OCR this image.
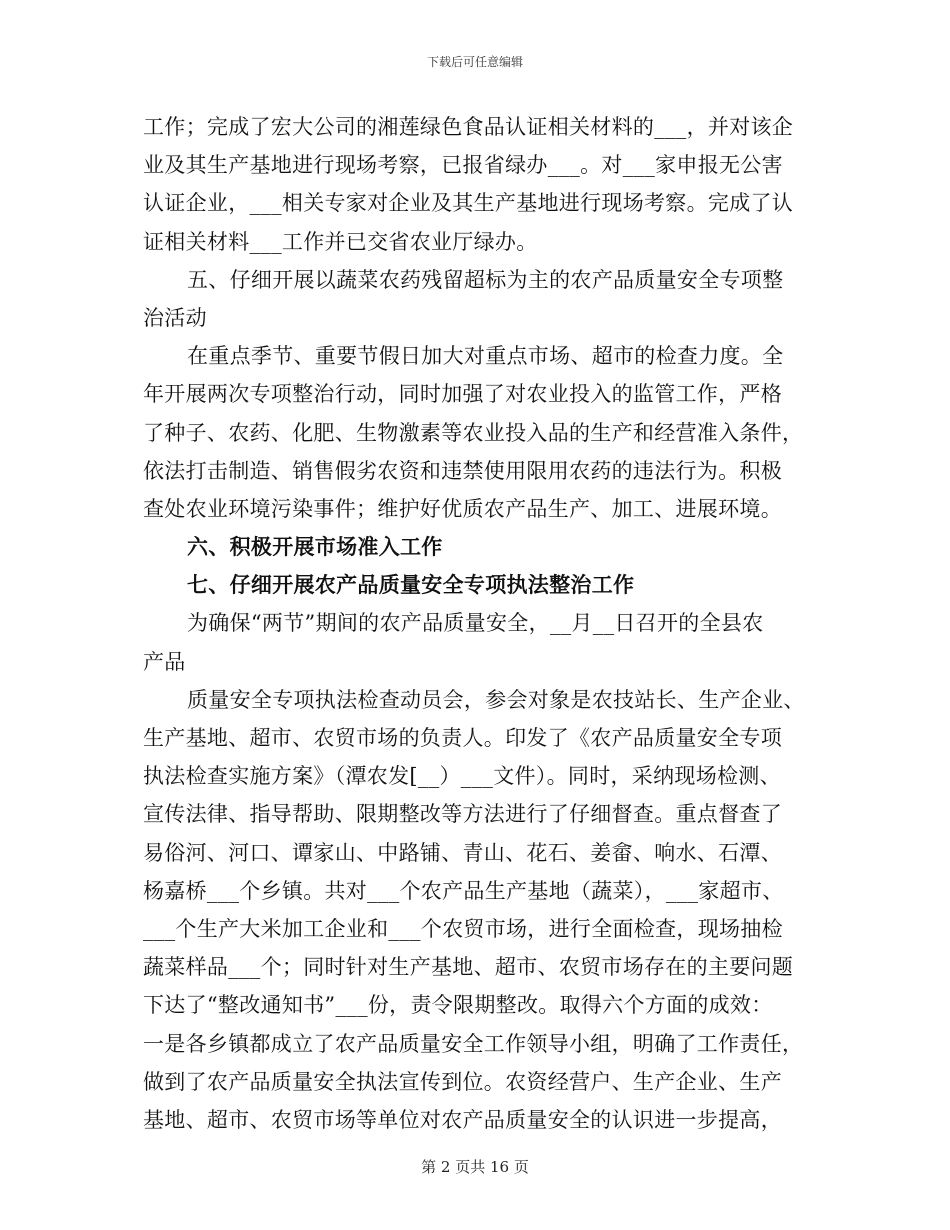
下载后可任意编辑
工作；完成了宏大公司的湘莲绿色食品认证相关材料的___，并对该企
业及其生产基地进行现场考察，已报省绿办___。对___家申报无公害
认证企业，___相关专家对企业及其生产基地进行现场考察。完成了认
证相关材料___工作并已交省农业厅绿办。
五、仔细开展以蔬菜农药残留超标为主的农产品质量安全专项整
治活动
在重点季节、重要节假日加大对重点市场、超市的检查力度。全
年开展两次专项整治行动，同时加强了对农业投入的监管工作，严格
了种子、农药、化肥、生物激素等农业投入品的生产和经营准入条件，
依法打击制造、销售假劣农资和违禁使用限用农药的违法行为。积极
查处农业环境污染事件；维护好优质农产品生产、加工、进展环境。
六、积极开展市场准入工作
七、仔细开展农产品质量安全专项执法整治工作
为确保“两节”期间的农产品质量安全，__月__日召开的全县农
产品
质量安全专项执法检查动员会，参会对象是农技站长、生产企业、
生产基地、超市、农贸市场的负责人。印发了《农产品质量安全专项
执法检查实施方案》（潭农发[__）___文件）。同时，采纳现场检测、
宣传法律、指导帮助、限期整改等方法进行了仔细督查。重点督查了
易俗河、河口、谭家山、中路铺、青山、花石、姜畲、响水、石潭、
杨嘉桥___个乡镇。共对___个农产品生产基地（蔬菜），___家超市、
___个生产大米加工企业和___个农贸市场，进行全面检查，现场抽检
蔬菜样品___个；同时针对生产基地、超市、农贸市场存在的主要问题
下达了“整改通知书”___份，责令限期整改。取得六个方面的成效：
一是各乡镇都成立了农产品质量安全工作领导小组，明确了工作责任，
做到了农产品质量安全执法宣传到位。农资经营户、生产企业、生产
基地、超市、农贸市场等单位对农产品质量安全的认识进一步提高，
第 2 页共 16 页
